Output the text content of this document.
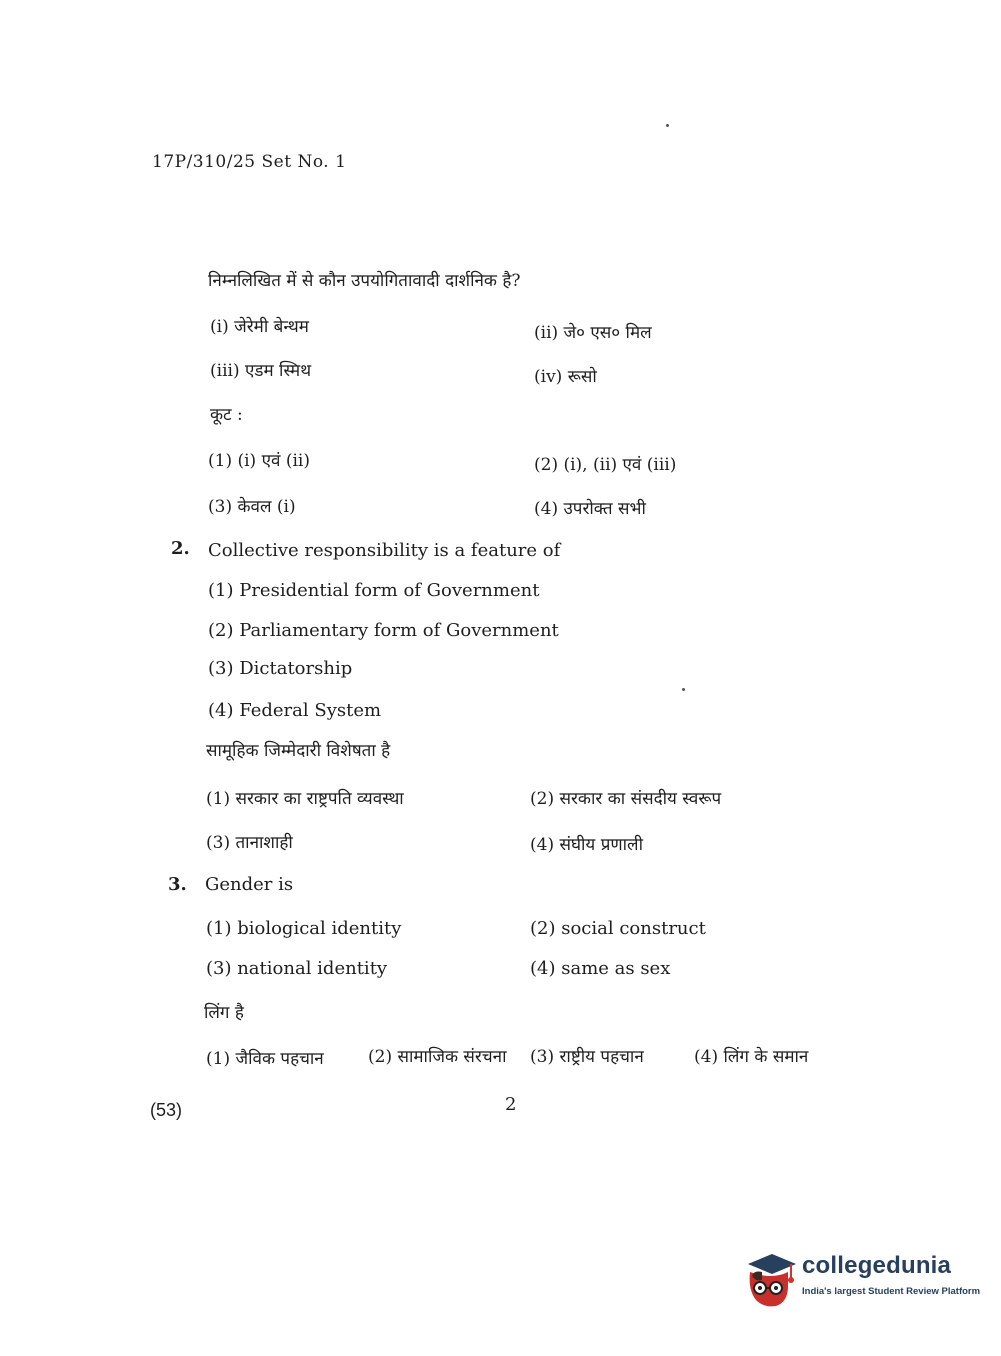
17P/310/25 Set No. 1
निम्नलिखित में से कौन उपयोगितावादी दार्शनिक है?
(i) जेरेमी बेन्थम	(ii) जे० एस० मिल
(iii) एडम स्मिथ	(iv) रूसो
कूट :
(1) (i) एवं (ii)	(2) (i), (ii) एवं (iii)
(3) केवल (i)	(4) उपरोक्त सभी
2. Collective responsibility is a feature of
(1) Presidential form of Government
(2) Parliamentary form of Government
(3) Dictatorship
(4) Federal System
सामूहिक जिम्मेदारी विशेषता है
(1) सरकार का राष्ट्रपति व्यवस्था	(2) सरकार का संसदीय स्वरूप
(3) तानाशाही	(4) संघीय प्रणाली
3. Gender is
(1) biological identity	(2) social construct
(3) national identity	(4) same as sex
लिंग है
(1) जैविक पहचान	(2) सामाजिक संरचना (3) राष्ट्रीय पहचान	(4) लिंग के समान
2
(53)
collegedunia
India's largest Student Review Platform
